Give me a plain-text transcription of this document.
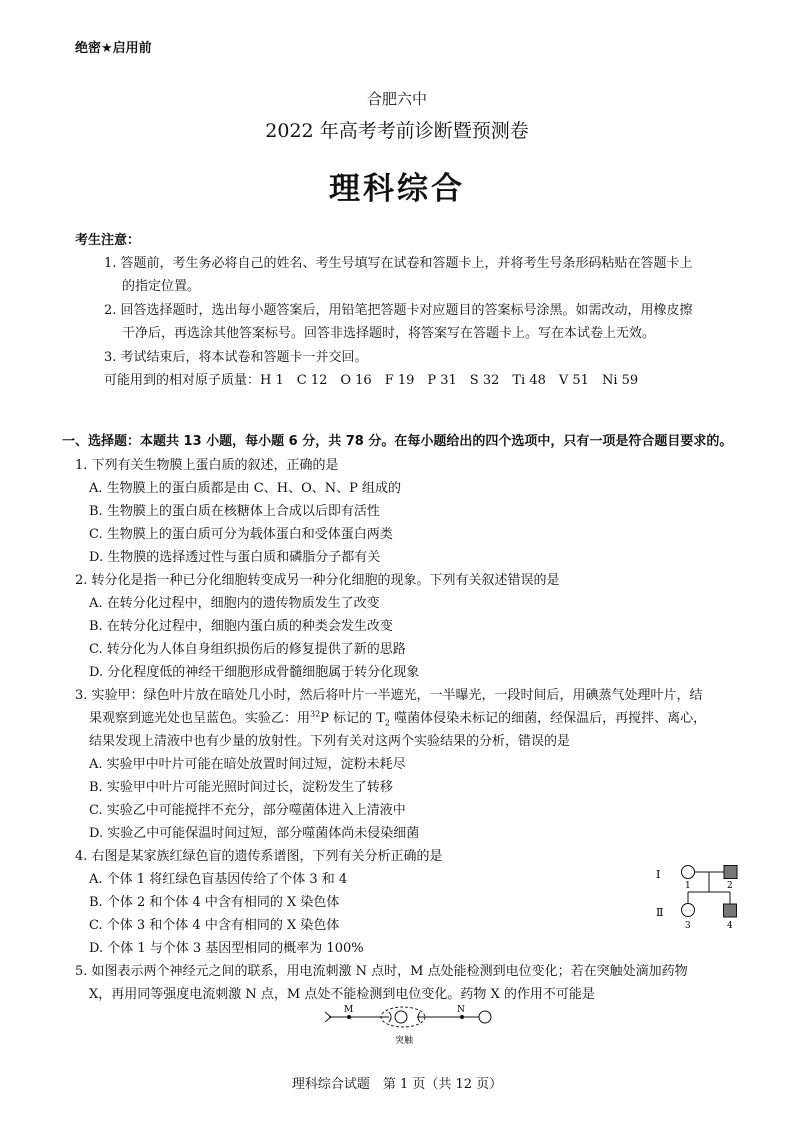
绝密★启用前
合肥六中
2022 年高考考前诊断暨预测卷
理科综合
考生注意：
1. 答题前，考生务必将自己的姓名、考生号填写在试卷和答题卡上，并将考生号条形码粘贴在答题卡上
的指定位置。
2. 回答选择题时，选出每小题答案后，用铅笔把答题卡对应题目的答案标号涂黑。如需改动，用橡皮擦
干净后，再选涂其他答案标号。回答非选择题时，将答案写在答题卡上。写在本试卷上无效。
3. 考试结束后，将本试卷和答题卡一并交回。
可能用到的相对原子质量：H 1　C 12　O 16　F 19　P 31　S 32　Ti 48　V 51　Ni 59
一、选择题：本题共 13 小题，每小题 6 分，共 78 分。在每小题给出的四个选项中，只有一项是符合题目要求的。
1. 下列有关生物膜上蛋白质的叙述，正确的是
A. 生物膜上的蛋白质都是由 C、H、O、N、P 组成的
B. 生物膜上的蛋白质在核糖体上合成以后即有活性
C. 生物膜上的蛋白质可分为载体蛋白和受体蛋白两类
D. 生物膜的选择透过性与蛋白质和磷脂分子都有关
2. 转分化是指一种已分化细胞转变成另一种分化细胞的现象。下列有关叙述错误的是
A. 在转分化过程中，细胞内的遗传物质发生了改变
B. 在转分化过程中，细胞内蛋白质的种类会发生改变
C. 转分化为人体自身组织损伤后的修复提供了新的思路
D. 分化程度低的神经干细胞形成骨髓细胞属于转分化现象
3. 实验甲：绿色叶片放在暗处几小时，然后将叶片一半遮光，一半曝光，一段时间后，用碘蒸气处理叶片，结
果观察到遮光处也呈蓝色。实验乙：用$^{32}$P 标记的 $T_2$ 噬菌体侵染未标记的细菌，经保温后，再搅拌、离心，
结果发现上清液中也有少量的放射性。下列有关对这两个实验结果的分析，错误的是
A. 实验甲中叶片可能在暗处放置时间过短，淀粉未耗尽
B. 实验甲中叶片可能光照时间过长，淀粉发生了转移
C. 实验乙中可能搅拌不充分，部分噬菌体进入上清液中
D. 实验乙中可能保温时间过短，部分噬菌体尚未侵染细菌
4. 右图是某家族红绿色盲的遗传系谱图，下列有关分析正确的是
A. 个体 1 将红绿色盲基因传给了个体 3 和 4
B. 个体 2 和个体 4 中含有相同的 X 染色体
C. 个体 3 和个体 4 中含有相同的 X 染色体
D. 个体 1 与个体 3 基因型相同的概率为 100%
Ⅰ
Ⅱ
1	2
3	4
5. 如图表示两个神经元之间的联系，用电流刺激 N 点时，M 点处能检测到电位变化；若在突触处滴加药物
X，再用同等强度电流刺激 N 点，M 点处不能检测到电位变化。药物 X 的作用不可能是
M	N
突触
理科综合试题　第 1 页（共 12 页）
